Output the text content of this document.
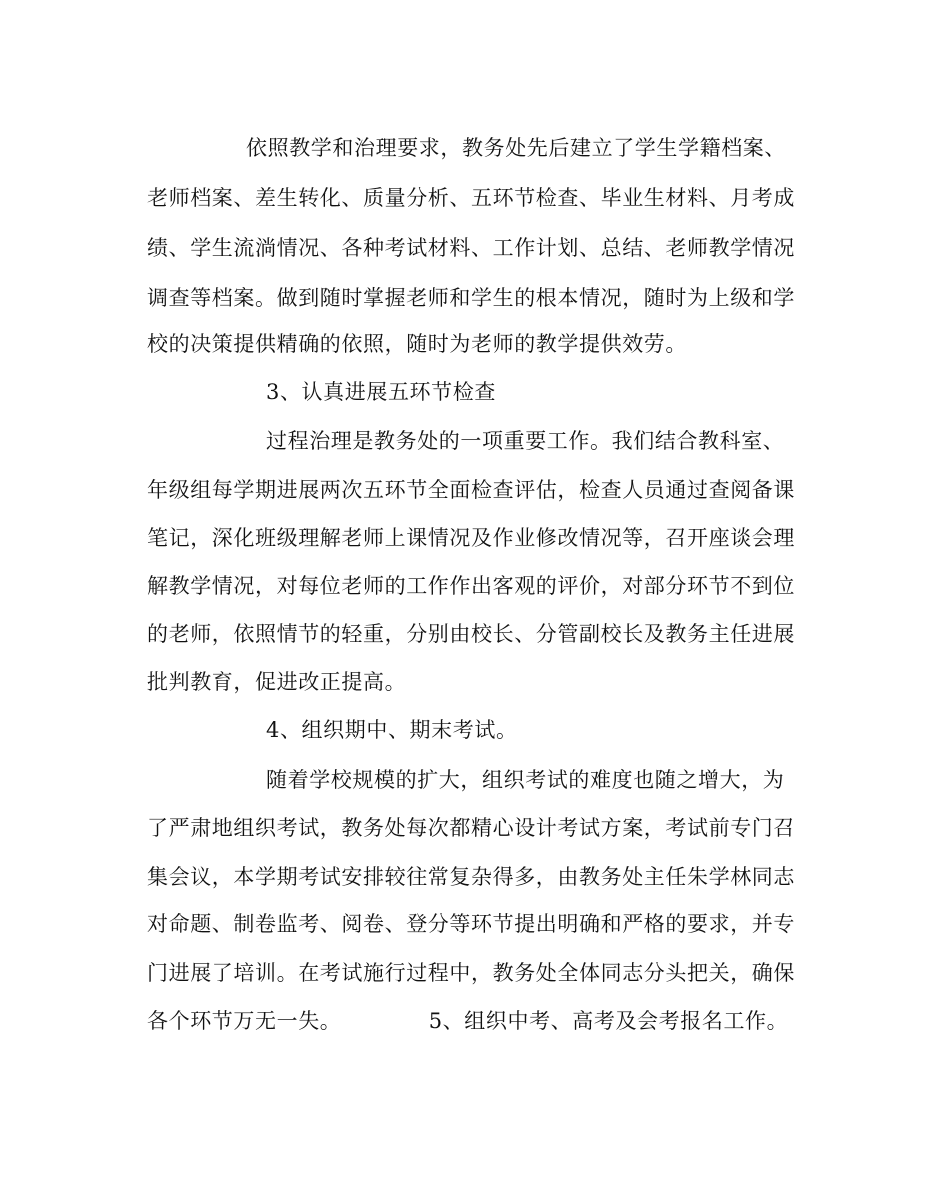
依照教学和治理要求，教务处先后建立了学生学籍档案、
老师档案、差生转化、质量分析、五环节检查、毕业生材料、月考成
绩、学生流淌情况、各种考试材料、工作计划、总结、老师教学情况
调查等档案。做到随时掌握老师和学生的根本情况，随时为上级和学
校的决策提供精确的依照，随时为老师的教学提供效劳。
3、认真进展五环节检查
过程治理是教务处的一项重要工作。我们结合教科室、
年级组每学期进展两次五环节全面检查评估，检查人员通过查阅备课
笔记，深化班级理解老师上课情况及作业修改情况等，召开座谈会理
解教学情况，对每位老师的工作作出客观的评价，对部分环节不到位
的老师，依照情节的轻重，分别由校长、分管副校长及教务主任进展
批判教育，促进改正提高。
4、组织期中、期末考试。
随着学校规模的扩大，组织考试的难度也随之增大，为
了严肃地组织考试，教务处每次都精心设计考试方案，考试前专门召
集会议，本学期考试安排较往常复杂得多，由教务处主任朱学林同志
对命题、制卷监考、阅卷、登分等环节提出明确和严格的要求，并专
门进展了培训。在考试施行过程中，教务处全体同志分头把关，确保
各个环节万无一失。            5、组织中考、高考及会考报名工作。
